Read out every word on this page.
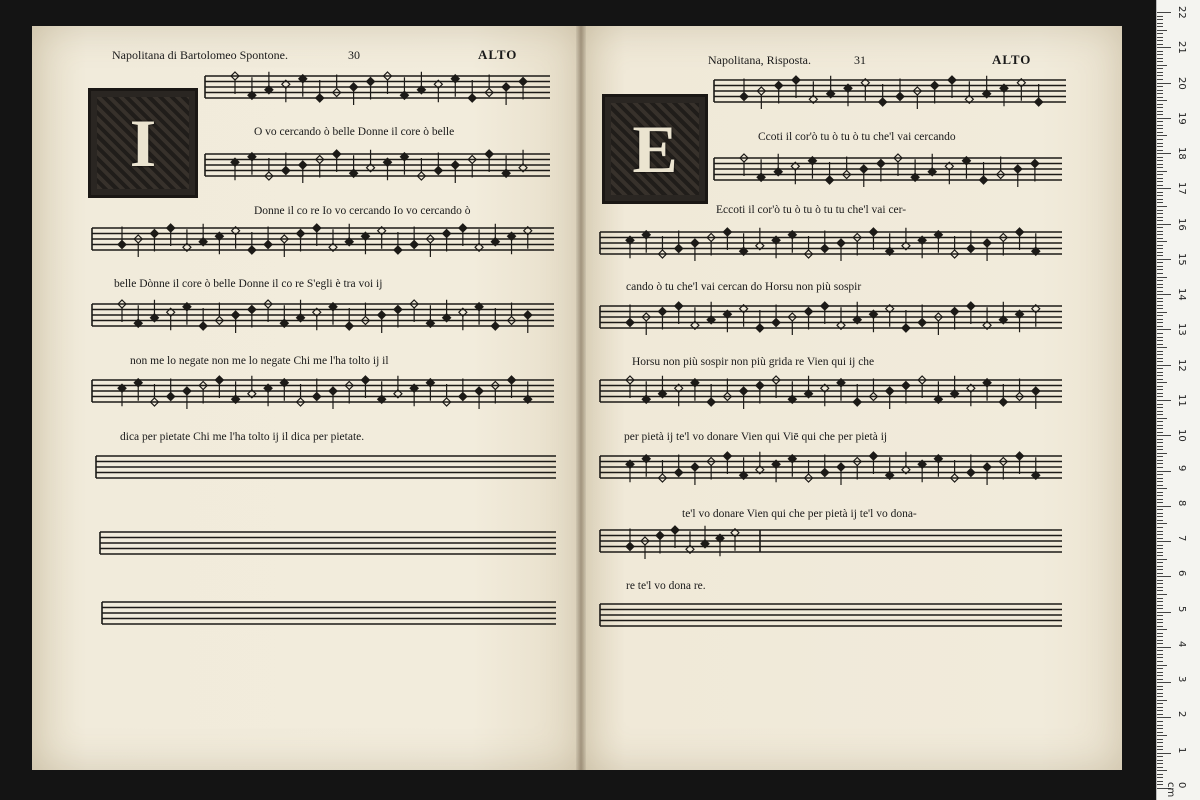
Napolitana di Bartolomeo Spontone.	30	ALTO	Napolitana, Risposta.	31	ALTO
I	E
O vo cercando ò belle Donne il core ò belle
Donne il co re Io vo cercando Io vo cercando ò
belle Dònne il core ò belle Donne il co re S'egli è tra voi ij
non me lo negate non me lo negate Chi me l'ha tolto ij il
dica per pietate Chi me l'ha tolto ij il dica per pietate.
Ccoti il cor'ò tu ò tu ò tu che'l vai cercando
Eccoti il cor'ò tu ò tu ò tu tu che'l vai cer-
cando ò tu che'l vai cercan do Horsu non più sospir
Horsu non più sospir non più grida re Vien qui ij che
per pietà ij te'l vo donare Vien qui Viē qui che per pietà ij
te'l vo donare Vien qui che per pietà ij te'l vo dona-
re te'l vo dona re.
22
21
20
19
18
17
16
15
14
13
12
11
10
9
8
7
6
5
4
3
2
1
0 cm
